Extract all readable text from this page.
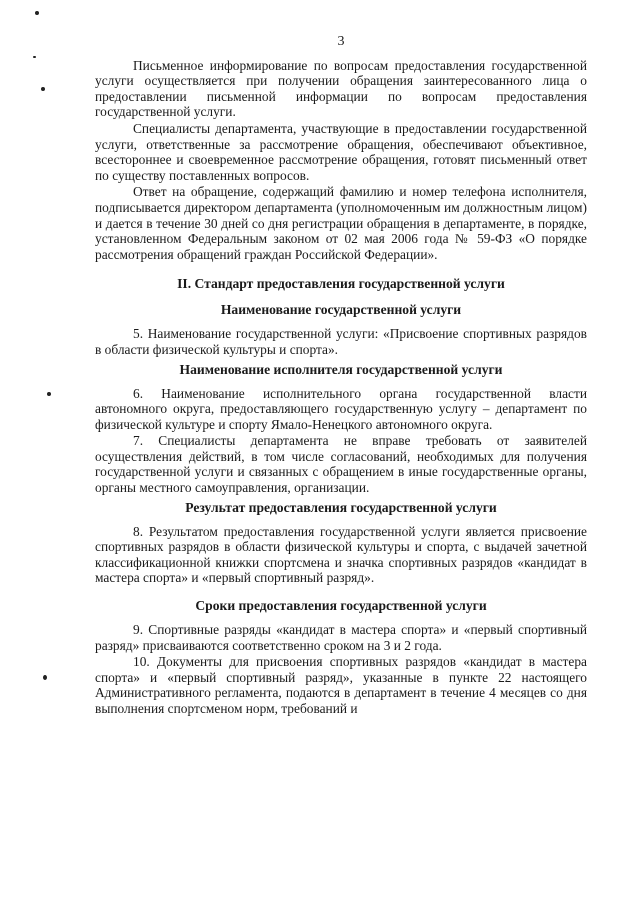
3

Письменное информирование по вопросам предоставления государственной услуги осуществляется при получении обращения заинтересованного лица о предоставлении письменной информации по вопросам предоставления государственной услуги.

Специалисты департамента, участвующие в предоставлении государственной услуги, ответственные за рассмотрение обращения, обеспечивают объективное, всестороннее и своевременное рассмотрение обращения, готовят письменный ответ по существу поставленных вопросов.

Ответ на обращение, содержащий фамилию и номер телефона исполнителя, подписывается директором департамента (уполномоченным им должностным лицом) и дается в течение 30 дней со дня регистрации обращения в департаменте, в порядке, установленном Федеральным законом от 02 мая 2006 года № 59-ФЗ «О порядке рассмотрения обращений граждан Российской Федерации».

II. Стандарт предоставления государственной услуги
Наименование государственной услуги

5. Наименование государственной услуги: «Присвоение спортивных разрядов в области физической культуры и спорта».

Наименование исполнителя государственной услуги

6. Наименование исполнительного органа государственной власти автономного округа, предоставляющего государственную услугу – департамент по физической культуре и спорту Ямало-Ненецкого автономного округа.

7. Специалисты департамента не вправе требовать от заявителей осуществления действий, в том числе согласований, необходимых для получения государственной услуги и связанных с обращением в иные государственные органы, органы местного самоуправления, организации.

Результат предоставления государственной услуги

8. Результатом предоставления государственной услуги является присвоение спортивных разрядов в области физической культуры и спорта, с выдачей зачетной классификационной книжки спортсмена и значка спортивных разрядов «кандидат в мастера спорта» и «первый спортивный разряд».

Сроки предоставления государственной услуги

9. Спортивные разряды «кандидат в мастера спорта» и «первый спортивный разряд» присваиваются соответственно сроком на 3 и 2 года.

10. Документы для присвоения спортивных разрядов «кандидат в мастера спорта» и «первый спортивный разряд», указанные в пункте 22 настоящего Административного регламента, подаются в департамент в течение 4 месяцев со дня выполнения спортсменом норм, требований и
